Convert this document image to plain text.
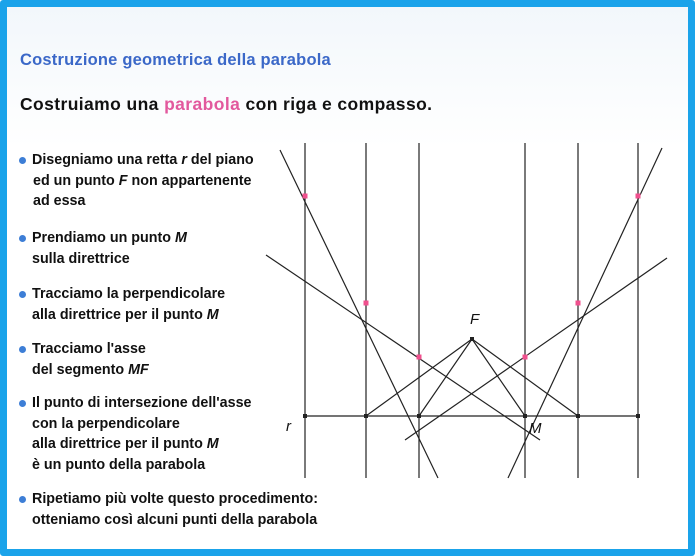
Costruzione geometrica della parabola
Costruiamo una parabola con riga e compasso.
Disegniamo una retta r del piano
ed un punto F non appartenente
ad essa
Prendiamo un punto M
sulla direttrice
Tracciamo la perpendicolare
alla direttrice per il punto M
Tracciamo l'asse
del segmento MF
Il punto di intersezione dell'asse
con la perpendicolare
alla direttrice per il punto M
è un punto della parabola
Ripetiamo più volte questo procedimento:
otteniamo così alcuni punti della parabola
r
F
M
